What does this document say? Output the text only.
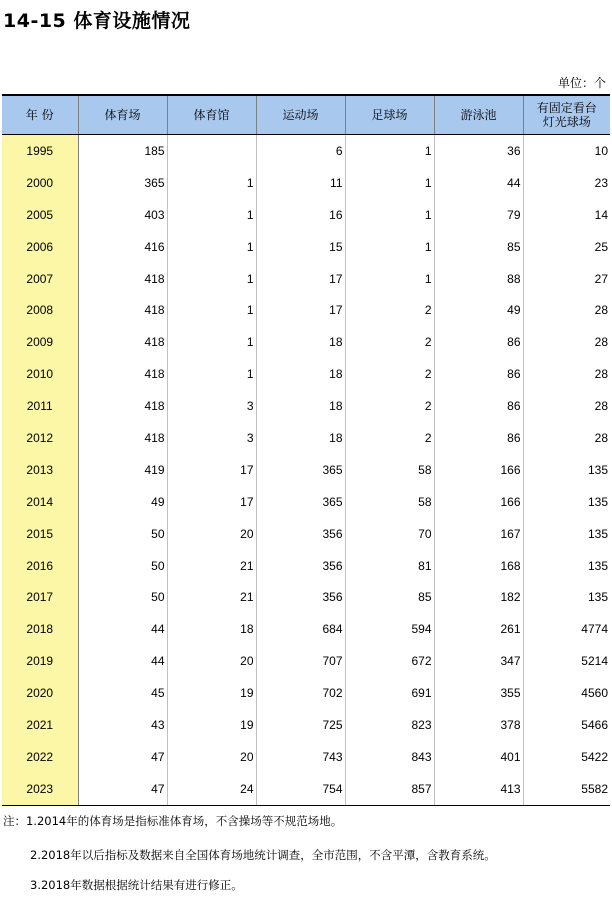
14-15 体育设施情况
单位：个
年 份	体育场	体育馆	运动场	足球场	游泳池	有固定看台
灯光球场
1995	185		6	1	36	10
2000	365	1	11	1	44	23
2005	403	1	16	1	79	14
2006	416	1	15	1	85	25
2007	418	1	17	1	88	27
2008	418	1	17	2	49	28
2009	418	1	18	2	86	28
2010	418	1	18	2	86	28
2011	418	3	18	2	86	28
2012	418	3	18	2	86	28
2013	419	17	365	58	166	135
2014	49	17	365	58	166	135
2015	50	20	356	70	167	135
2016	50	21	356	81	168	135
2017	50	21	356	85	182	135
2018	44	18	684	594	261	4774
2019	44	20	707	672	347	5214
2020	45	19	702	691	355	4560
2021	43	19	725	823	378	5466
2022	47	20	743	843	401	5422
2023	47	24	754	857	413	5582
注：1.2014年的体育场是指标准体育场，不含操场等不规范场地。
2.2018年以后指标及数据来自全国体育场地统计调查，全市范围，不含平潭，含教育系统。
3.2018年数据根据统计结果有进行修正。
